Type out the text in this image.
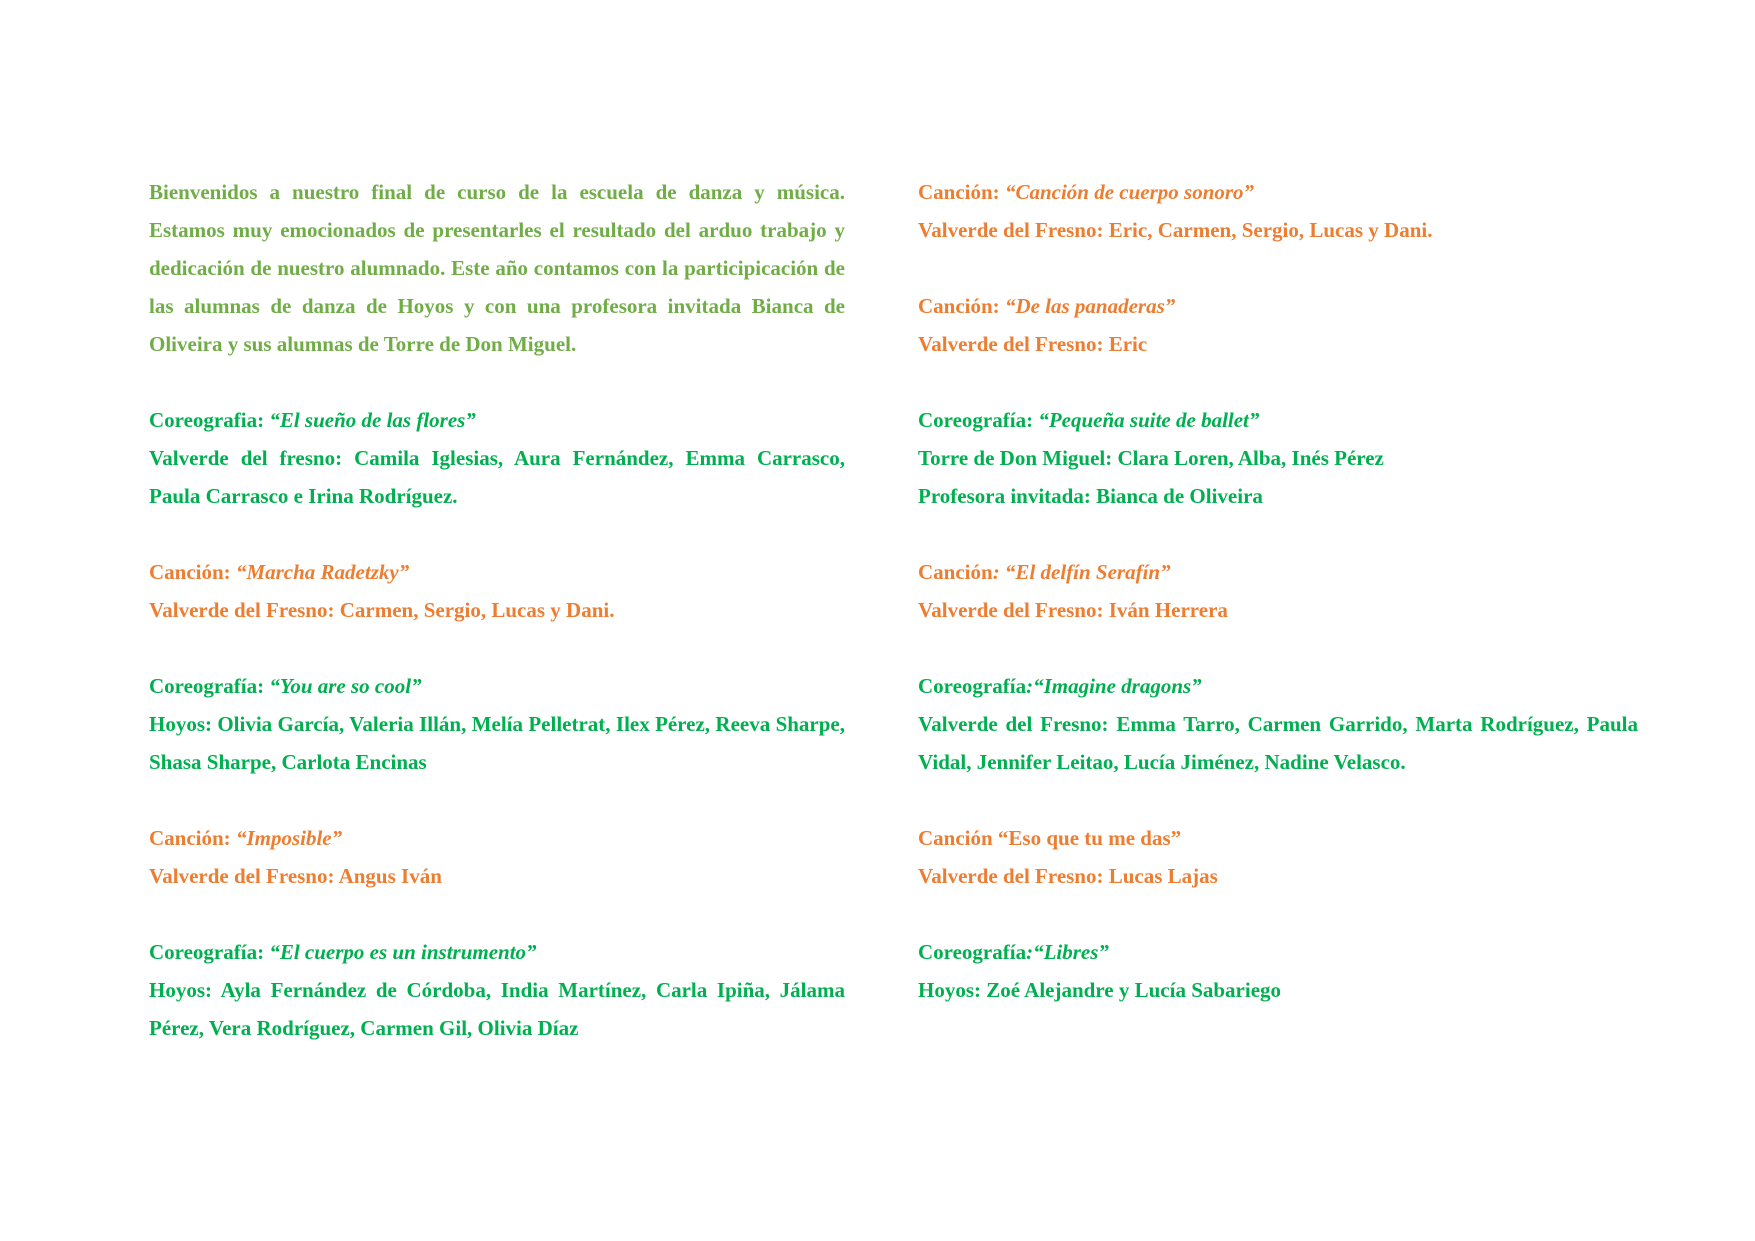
Bienvenidos a nuestro final de curso de la escuela de danza y música. Estamos muy emocionados de presentarles el resultado del arduo trabajo y dedicación de nuestro alumnado. Este año contamos con la participicación de las alumnas de danza de Hoyos y con una profesora invitada Bianca de Oliveira y sus alumnas de Torre de Don Miguel.
Coreografia: “El sueño de las flores”
Valverde del fresno: Camila Iglesias, Aura Fernández, Emma Carrasco, Paula Carrasco e Irina Rodríguez.
Canción: “Marcha Radetzky”
Valverde del Fresno: Carmen, Sergio, Lucas y Dani.
Coreografía: “You are so cool”
Hoyos: Olivia García, Valeria Illán, Melía Pelletrat, Ilex Pérez, Reeva Sharpe, Shasa Sharpe, Carlota Encinas
Canción: “Imposible”
Valverde del Fresno: Angus Iván
Coreografía: “El cuerpo es un instrumento”
Hoyos: Ayla Fernández de Córdoba, India Martínez, Carla Ipiña, Jálama Pérez, Vera Rodríguez, Carmen Gil, Olivia Díaz
Canción: “Canción de cuerpo sonoro”
Valverde del Fresno: Eric, Carmen, Sergio, Lucas y Dani.
Canción: “De las panaderas”
Valverde del Fresno: Eric
Coreografía: “Pequeña suite de ballet”
Torre de Don Miguel: Clara Loren, Alba, Inés Pérez
Profesora invitada: Bianca de Oliveira
Canción: “El delfín Serafín”
Valverde del Fresno: Iván Herrera
Coreografía:“Imagine dragons”
Valverde del Fresno: Emma Tarro, Carmen Garrido, Marta Rodríguez, Paula Vidal, Jennifer Leitao, Lucía Jiménez, Nadine Velasco.
Canción “Eso que tu me das”
Valverde del Fresno: Lucas Lajas
Coreografía:“Libres”
Hoyos: Zoé Alejandre y Lucía Sabariego
